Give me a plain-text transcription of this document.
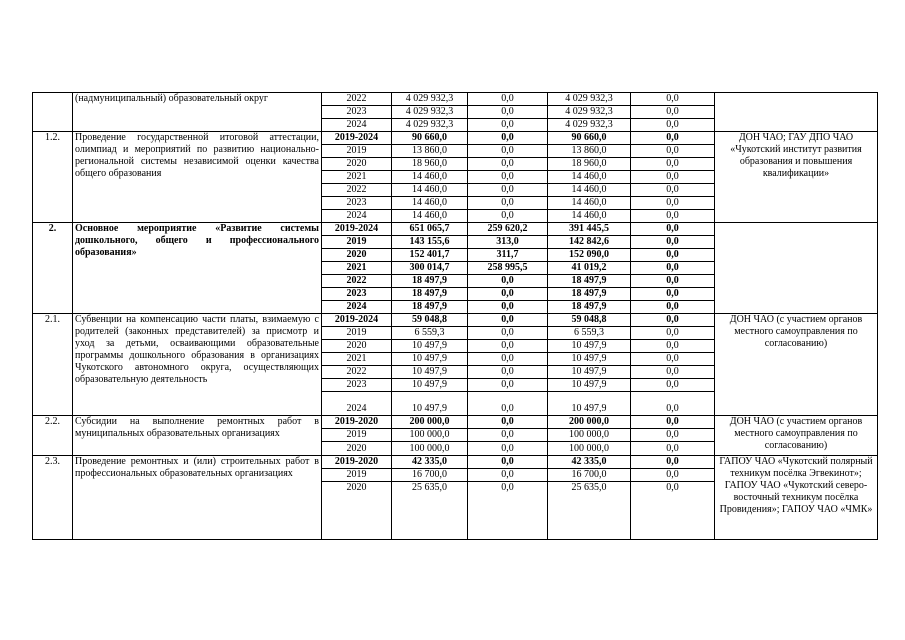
	(надмуниципальный) образовательный округ	2022	4 029 932,3	0,0	4 029 932,3	0,0	
		2023	4 029 932,3	0,0	4 029 932,3	0,0	
		2024	4 029 932,3	0,0	4 029 932,3	0,0	
1.2.	Проведение государственной итоговой аттестации, олимпиад и мероприятий по развитию национально-региональной системы независимой оценки качества общего образования	2019-2024	90 660,0	0,0	90 660,0	0,0	ДОН ЧАО; ГАУ ДПО ЧАО «Чукотский институт развития образования и повышения квалификации»
		2019	13 860,0	0,0	13 860,0	0,0	
		2020	18 960,0	0,0	18 960,0	0,0	
		2021	14 460,0	0,0	14 460,0	0,0	
		2022	14 460,0	0,0	14 460,0	0,0	
		2023	14 460,0	0,0	14 460,0	0,0	
		2024	14 460,0	0,0	14 460,0	0,0	
2.	Основное мероприятие «Развитие системы дошкольного, общего и профессионального образования»	2019-2024	651 065,7	259 620,2	391 445,5	0,0	
		2019	143 155,6	313,0	142 842,6	0,0	
		2020	152 401,7	311,7	152 090,0	0,0	
		2021	300 014,7	258 995,5	41 019,2	0,0	
		2022	18 497,9	0,0	18 497,9	0,0	
		2023	18 497,9	0,0	18 497,9	0,0	
		2024	18 497,9	0,0	18 497,9	0,0	
2.1.	Субвенции на компенсацию части платы, взимаемую с родителей (законных представителей) за присмотр и уход за детьми, осваивающими образовательные программы дошкольного образования в организациях Чукотского автономного округа, осуществляющих образовательную деятельность	2019-2024	59 048,8	0,0	59 048,8	0,0	ДОН ЧАО (с участием органов местного самоуправления по согласованию)
		2019	6 559,3	0,0	6 559,3	0,0	
		2020	10 497,9	0,0	10 497,9	0,0	
		2021	10 497,9	0,0	10 497,9	0,0	
		2022	10 497,9	0,0	10 497,9	0,0	
		2023	10 497,9	0,0	10 497,9	0,0	
		2024	10 497,9	0,0	10 497,9	0,0	
2.2.	Субсидии на выполнение ремонтных работ в муниципальных образовательных организациях	2019-2020	200 000,0	0,0	200 000,0	0,0	ДОН ЧАО (с участием органов местного самоуправления по согласованию)
		2019	100 000,0	0,0	100 000,0	0,0	
		2020	100 000,0	0,0	100 000,0	0,0	
2.3.	Проведение ремонтных и (или) строительных работ в профессиональных образовательных организациях	2019-2020	42 335,0	0,0	42 335,0	0,0	ГАПОУ ЧАО «Чукотский полярный техникум посёлка Эгвекинот»; ГАПОУ ЧАО «Чукотский северо-восточный техникум посёлка Провидения»; ГАПОУ ЧАО «ЧМК»
		2019	16 700,0	0,0	16 700,0	0,0	
		2020	25 635,0	0,0	25 635,0	0,0	
